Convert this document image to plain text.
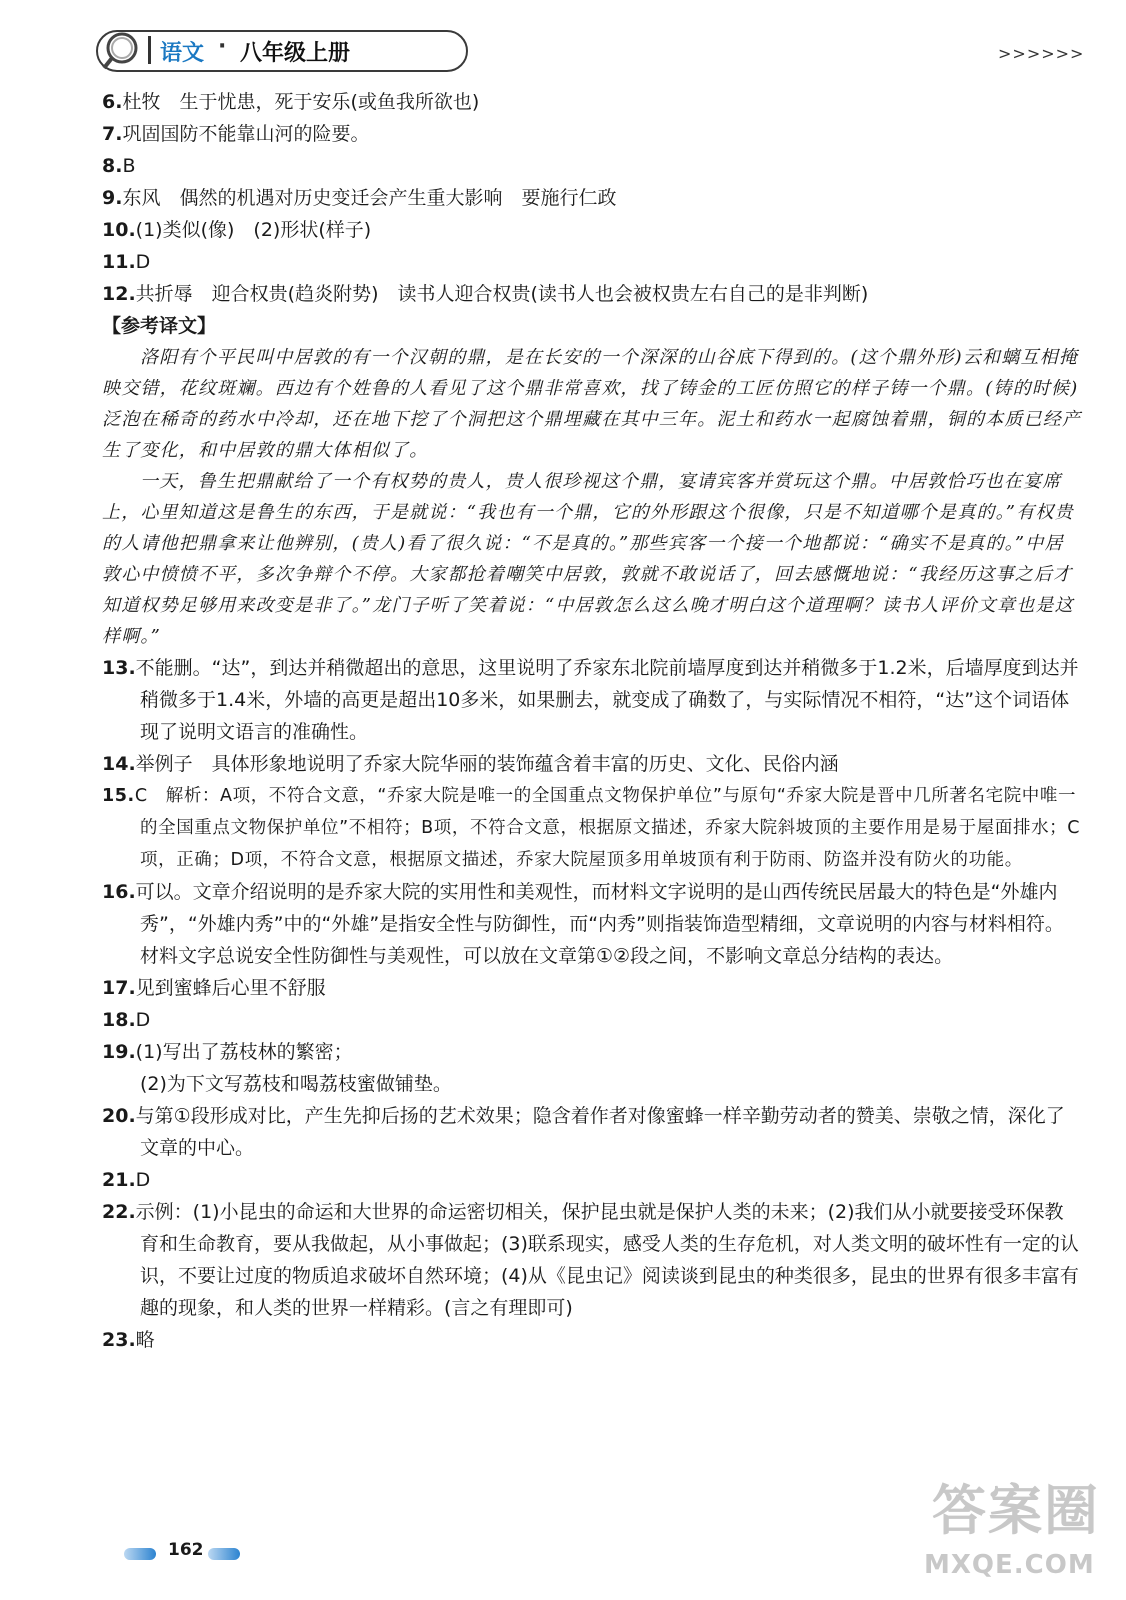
语文 · 八年级上册	>>>>>>

6.杜牧　生于忧患，死于安乐(或鱼我所欲也)

7.巩固国防不能靠山河的险要。

8.B

9.东风　偶然的机遇对历史变迁会产生重大影响　要施行仁政

10.(1)类似(像)　(2)形状(样子)

11.D

12.共折辱　迎合权贵(趋炎附势)　读书人迎合权贵(读书人也会被权贵左右自己的是非判断)

【参考译文】

洛阳有个平民叫中居敦的有一个汉朝的鼎，是在长安的一个深深的山谷底下得到的。(这个鼎外形)云和螭互相掩映交错，花纹斑斓。西边有个姓鲁的人看见了这个鼎非常喜欢，找了铸金的工匠仿照它的样子铸一个鼎。(铸的时候)泛泡在稀奇的药水中冷却，还在地下挖了个洞把这个鼎埋藏在其中三年。泥土和药水一起腐蚀着鼎，铜的本质已经产生了变化，和中居敦的鼎大体相似了。

一天，鲁生把鼎献给了一个有权势的贵人，贵人很珍视这个鼎，宴请宾客并赏玩这个鼎。中居敦恰巧也在宴席上，心里知道这是鲁生的东西，于是就说：“我也有一个鼎，它的外形跟这个很像，只是不知道哪个是真的。”有权贵的人请他把鼎拿来让他辨别，(贵人)看了很久说：“不是真的。”那些宾客一个接一个地都说：“确实不是真的。”中居敦心中愤愤不平，多次争辩个不停。大家都抢着嘲笑中居敦，敦就不敢说话了，回去感慨地说：“我经历这事之后才知道权势足够用来改变是非了。”龙门子听了笑着说：“中居敦怎么这么晚才明白这个道理啊？读书人评价文章也是这样啊。”

13.不能删。“达”，到达并稍微超出的意思，这里说明了乔家东北院前墙厚度到达并稍微多于1.2米，后墙厚度到达并稍微多于1.4米，外墙的高更是超出10多米，如果删去，就变成了确数了，与实际情况不相符，“达”这个词语体现了说明文语言的准确性。

14.举例子　具体形象地说明了乔家大院华丽的装饰蕴含着丰富的历史、文化、民俗内涵

15.C　解析：A项，不符合文意，“乔家大院是唯一的全国重点文物保护单位”与原句“乔家大院是晋中几所著名宅院中唯一的全国重点文物保护单位”不相符；B项，不符合文意，根据原文描述，乔家大院斜坡顶的主要作用是易于屋面排水；C项，正确；D项，不符合文意，根据原文描述，乔家大院屋顶多用单坡顶有利于防雨、防盗并没有防火的功能。

16.可以。文章介绍说明的是乔家大院的实用性和美观性，而材料文字说明的是山西传统民居最大的特色是“外雄内秀”，“外雄内秀”中的“外雄”是指安全性与防御性，而“内秀”则指装饰造型精细，文章说明的内容与材料相符。材料文字总说安全性防御性与美观性，可以放在文章第①②段之间，不影响文章总分结构的表达。

17.见到蜜蜂后心里不舒服

18.D

19.(1)写出了荔枝林的繁密；

(2)为下文写荔枝和喝荔枝蜜做铺垫。

20.与第①段形成对比，产生先抑后扬的艺术效果；隐含着作者对像蜜蜂一样辛勤劳动者的赞美、崇敬之情，深化了文章的中心。

21.D

22.示例：(1)小昆虫的命运和大世界的命运密切相关，保护昆虫就是保护人类的未来；(2)我们从小就要接受环保教育和生命教育，要从我做起，从小事做起；(3)联系现实，感受人类的生存危机，对人类文明的破坏性有一定的认识，不要让过度的物质追求破坏自然环境；(4)从《昆虫记》阅读谈到昆虫的种类很多，昆虫的世界有很多丰富有趣的现象，和人类的世界一样精彩。(言之有理即可)

23.略

162
答案圈
MXQE.COM
